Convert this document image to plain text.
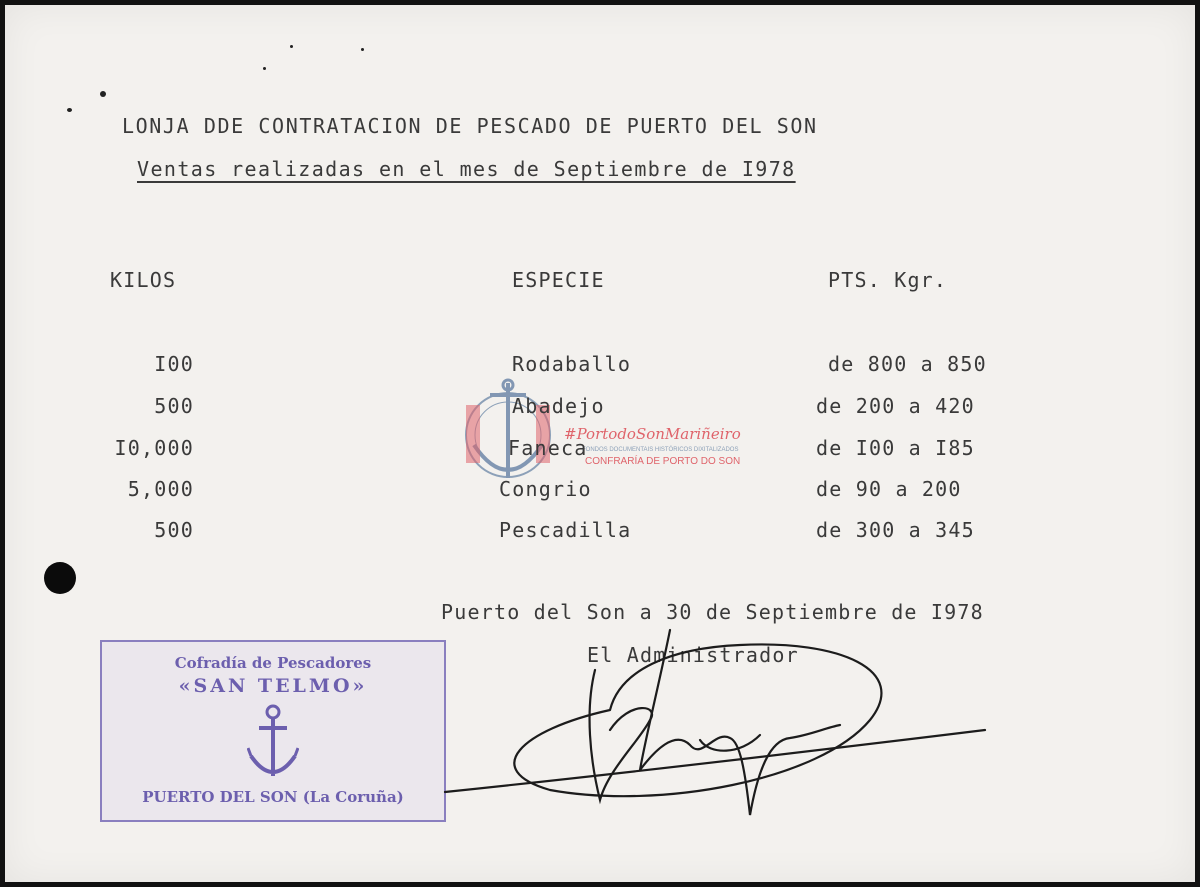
LONJA DDE CONTRATACION DE PESCADO DE PUERTO DEL SON
Ventas realizadas en el mes de Septiembre de I978
KILOS	ESPECIE	PTS. Kgr.
#PortodoSonMariñeiro
FONDOS DOCUMENTAIS HISTÓRICOS DIXITALIZADOS
CONFRARÍA DE PORTO DO SON
I00	Rodaballo	de 800 a 850
500	Abadejo	de 200 a 420
I0,000	Faneca	de I00 a I85
5,000	Congrio	de 90 a 200
500	Pescadilla	de 300 a 345
Puerto del Son a 30 de Septiembre de I978
El Administrador
Cofradía de Pescadores
«SAN TELMO»
PUERTO DEL SON (La Coruña)
